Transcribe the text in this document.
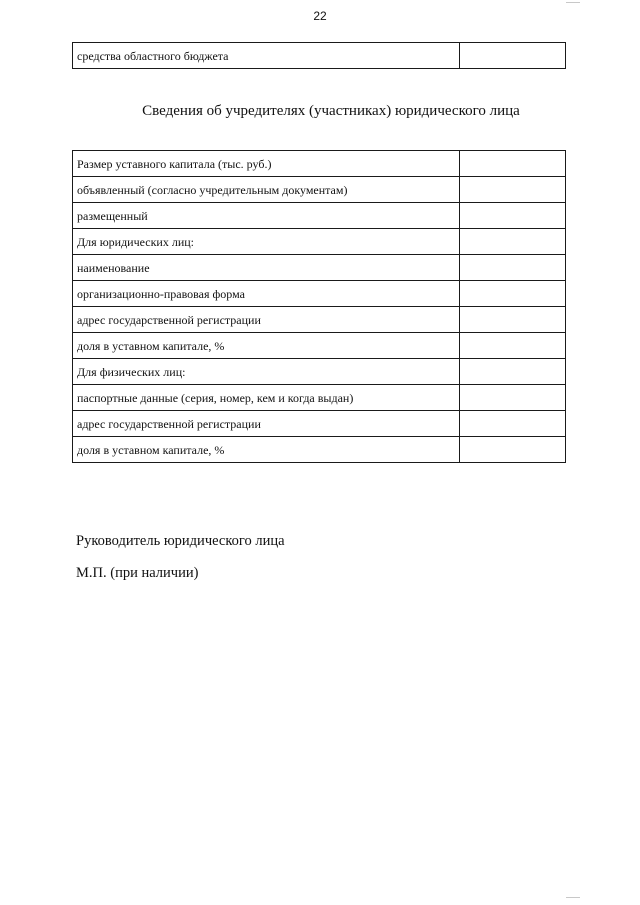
22
средства областного бюджета	
Сведения об учредителях (участниках) юридического лица
Размер уставного капитала (тыс. руб.)	
объявленный (согласно учредительным документам)	
размещенный	
Для юридических лиц:	
наименование	
организационно-правовая форма	
адрес государственной регистрации	
доля в уставном капитале, %	
Для физических лиц:	
паспортные данные (серия, номер, кем и когда выдан)	
адрес государственной регистрации	
доля в уставном капитале, %	
Руководитель юридического лица
М.П. (при наличии)
